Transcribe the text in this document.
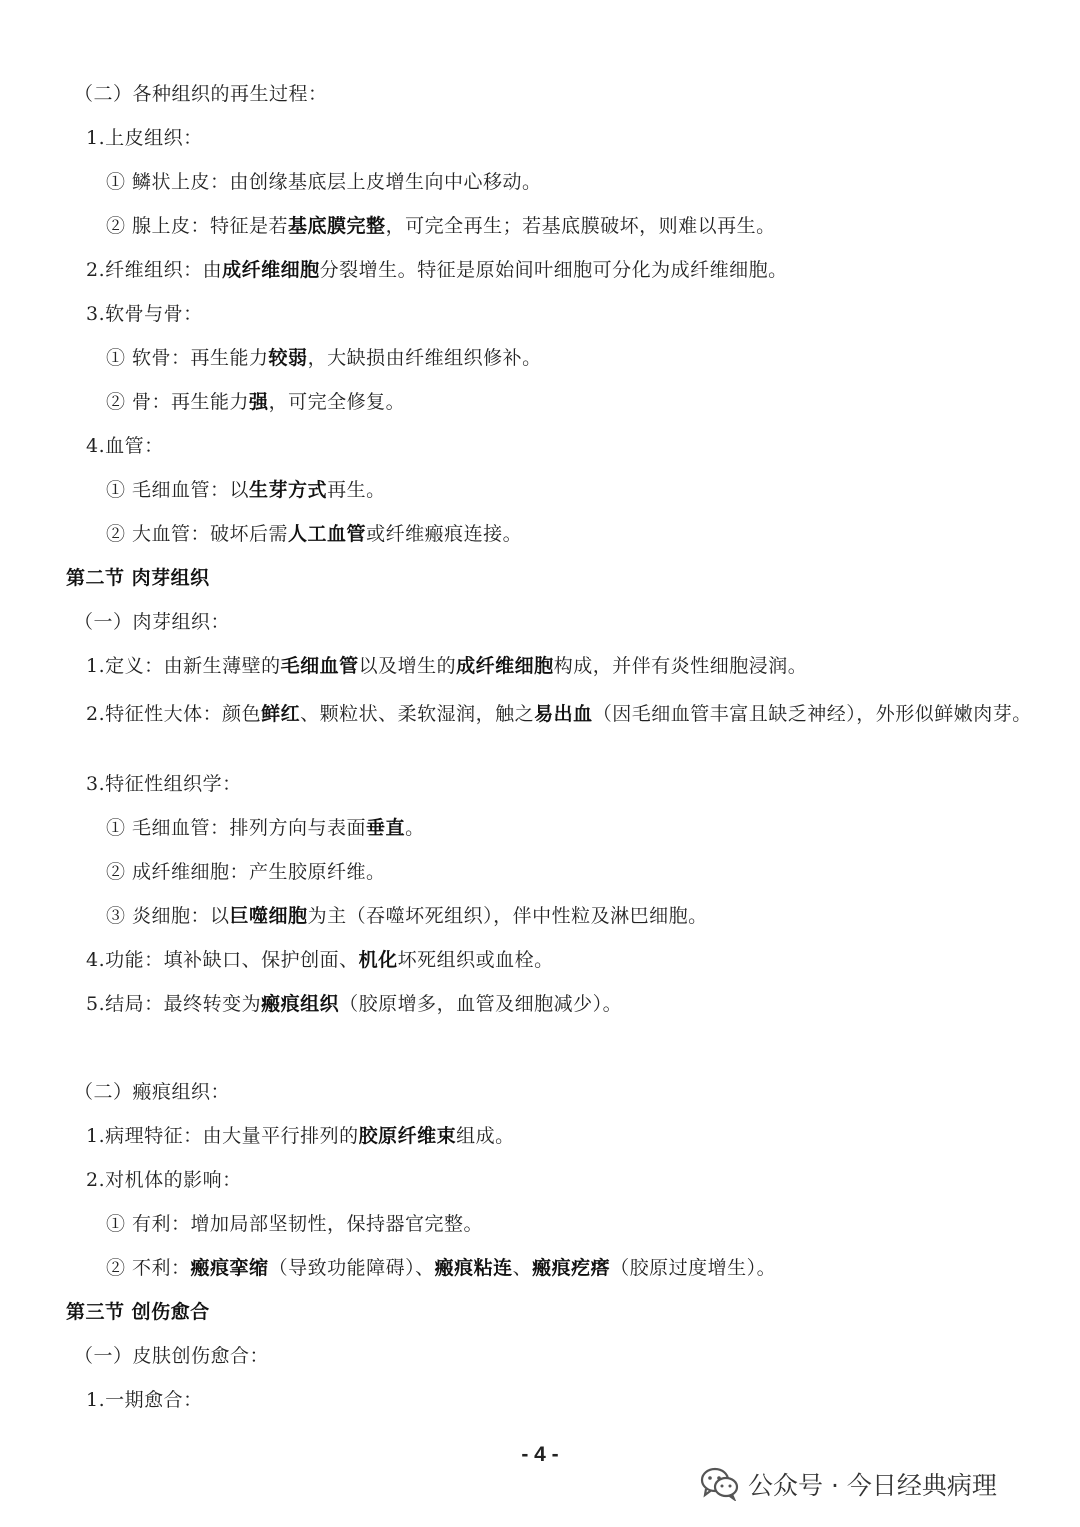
（二）各种组织的再生过程：
1.上皮组织：
① 鳞状上皮：由创缘基底层上皮增生向中心移动。
② 腺上皮：特征是若基底膜完整，可完全再生；若基底膜破坏，则难以再生。
2.纤维组织：由成纤维细胞分裂增生。特征是原始间叶细胞可分化为成纤维细胞。
3.软骨与骨：
① 软骨：再生能力较弱，大缺损由纤维组织修补。
② 骨：再生能力强，可完全修复。
4.血管：
① 毛细血管：以生芽方式再生。
② 大血管：破坏后需人工血管或纤维瘢痕连接。
第二节 肉芽组织
（一）肉芽组织：
1.定义：由新生薄壁的毛细血管以及增生的成纤维细胞构成，并伴有炎性细胞浸润。
2.特征性大体：颜色鲜红、颗粒状、柔软湿润，触之易出血（因毛细血管丰富且缺乏神经），外形似鲜嫩肉芽。
3.特征性组织学：
① 毛细血管：排列方向与表面垂直。
② 成纤维细胞：产生胶原纤维。
③ 炎细胞：以巨噬细胞为主（吞噬坏死组织），伴中性粒及淋巴细胞。
4.功能：填补缺口、保护创面、机化坏死组织或血栓。
5.结局：最终转变为瘢痕组织（胶原增多，血管及细胞减少）。
（二）瘢痕组织：
1.病理特征：由大量平行排列的胶原纤维束组成。
2.对机体的影响：
① 有利：增加局部坚韧性，保持器官完整。
② 不利：瘢痕挛缩（导致功能障碍）、瘢痕粘连、瘢痕疙瘩（胶原过度增生）。
第三节 创伤愈合
（一）皮肤创伤愈合：
1.一期愈合：
- 4 -
公众号 · 今日经典病理
